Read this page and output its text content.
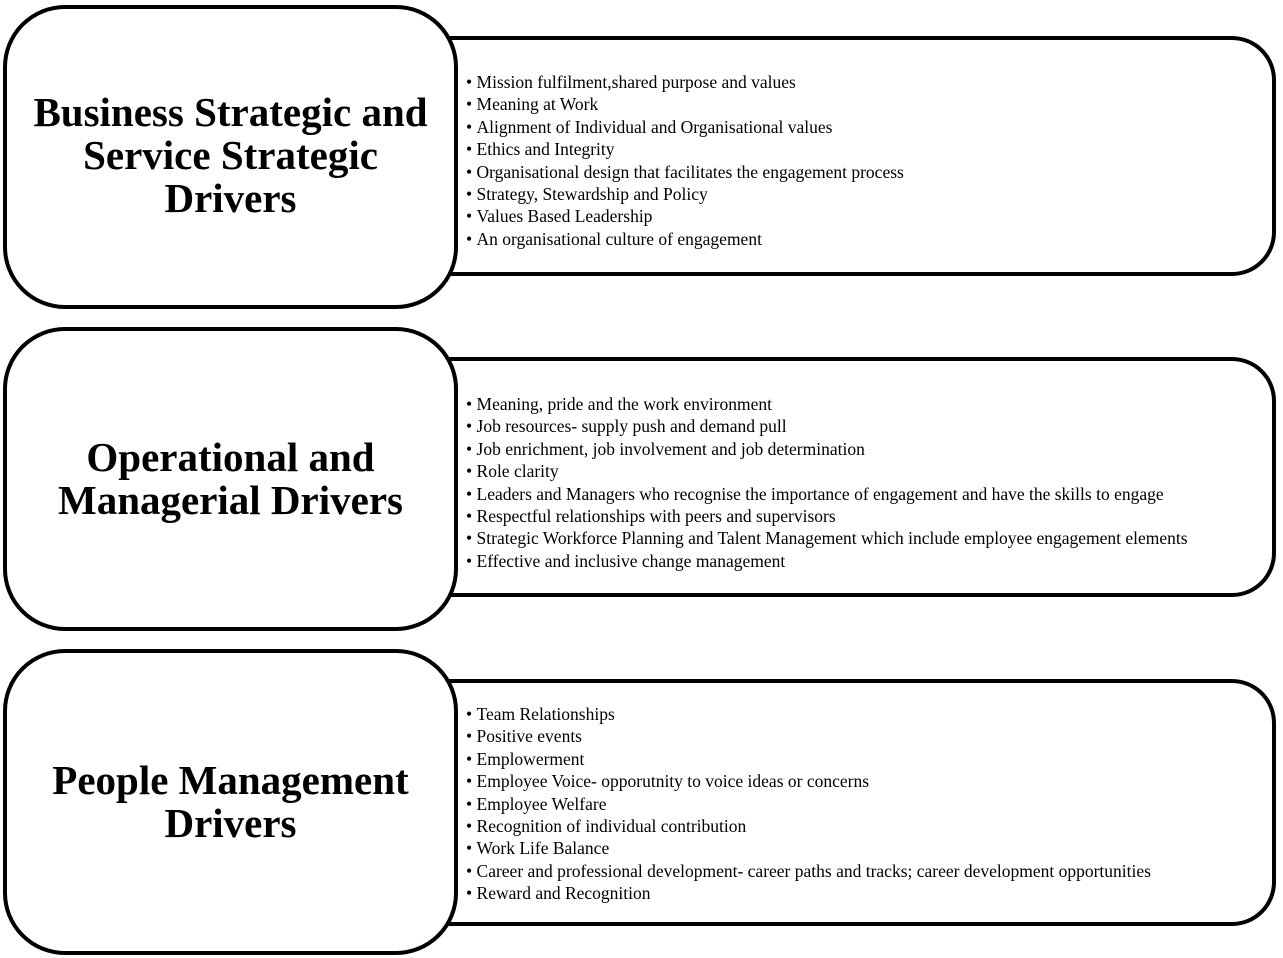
• Mission fulfilment,shared purpose and values
• Meaning at Work
• Alignment of Individual and Organisational values
• Ethics and Integrity
• Organisational design that facilitates the engagement process
• Strategy, Stewardship and Policy
• Values Based Leadership
• An organisational culture of engagement
Business Strategic and Service Strategic Drivers
• Meaning, pride and the work environment
• Job resources- supply push and demand pull
• Job enrichment, job involvement and job determination
• Role clarity
• Leaders and Managers who recognise the importance of engagement and have the skills to engage
• Respectful relationships with peers and supervisors
• Strategic Workforce Planning and Talent Management which include employee engagement elements
• Effective and inclusive change management
Operational and Managerial Drivers
• Team Relationships
• Positive events
• Emplowerment
• Employee Voice- opporutnity to voice ideas or concerns
• Employee Welfare
• Recognition of individual contribution
• Work Life Balance
• Career and professional development- career paths and tracks; career development opportunities
• Reward and Recognition
People Management Drivers
